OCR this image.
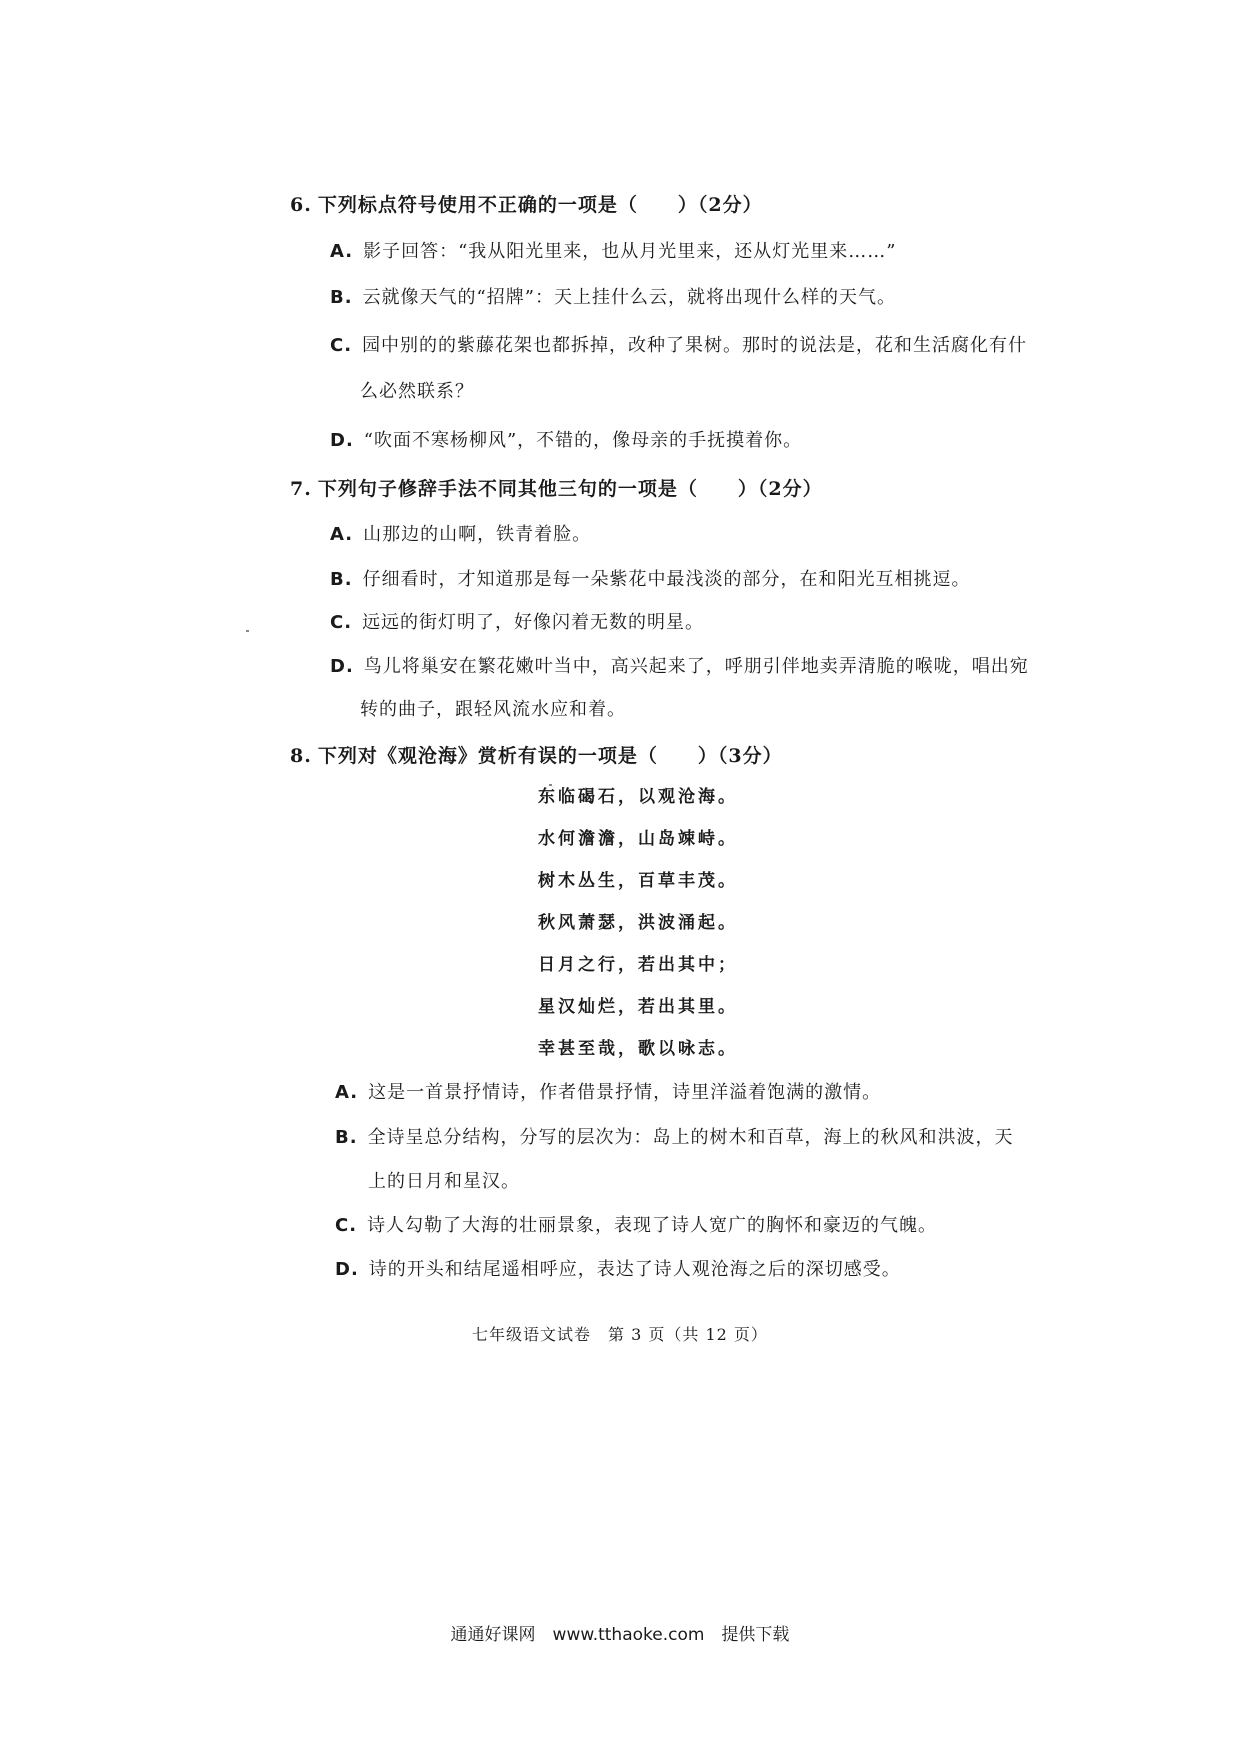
6. 下列标点符号使用不正确的一项是（　　）（2分）
A. 影子回答：“我从阳光里来，也从月光里来，还从灯光里来……”
B. 云就像天气的“招牌”：天上挂什么云，就将出现什么样的天气。
C. 园中别的的紫藤花架也都拆掉，改种了果树。那时的说法是，花和生活腐化有什
么必然联系？
D. “吹面不寒杨柳风”，不错的，像母亲的手抚摸着你。
7. 下列句子修辞手法不同其他三句的一项是（　　）（2分）
A. 山那边的山啊，铁青着脸。
B. 仔细看时，才知道那是每一朵紫花中最浅淡的部分，在和阳光互相挑逗。
C. 远远的街灯明了，好像闪着无数的明星。
D. 鸟儿将巢安在繁花嫩叶当中，高兴起来了，呼朋引伴地卖弄清脆的喉咙，唱出宛
转的曲子，跟轻风流水应和着。
8. 下列对《观沧海》赏析有误的一项是（　　）（3分）
东临碣石，以观沧海。
水何澹澹，山岛竦峙。
树木丛生，百草丰茂。
秋风萧瑟，洪波涌起。
日月之行，若出其中；
星汉灿烂，若出其里。
幸甚至哉，歌以咏志。
A. 这是一首景抒情诗，作者借景抒情，诗里洋溢着饱满的激情。
B. 全诗呈总分结构，分写的层次为：岛上的树木和百草，海上的秋风和洪波，天
上的日月和星汉。
C. 诗人勾勒了大海的壮丽景象，表现了诗人宽广的胸怀和豪迈的气魄。
D. 诗的开头和结尾遥相呼应，表达了诗人观沧海之后的深切感受。
七年级语文试卷　第 3 页（共 12 页）
通通好课网　www.tthaoke.com　提供下载
